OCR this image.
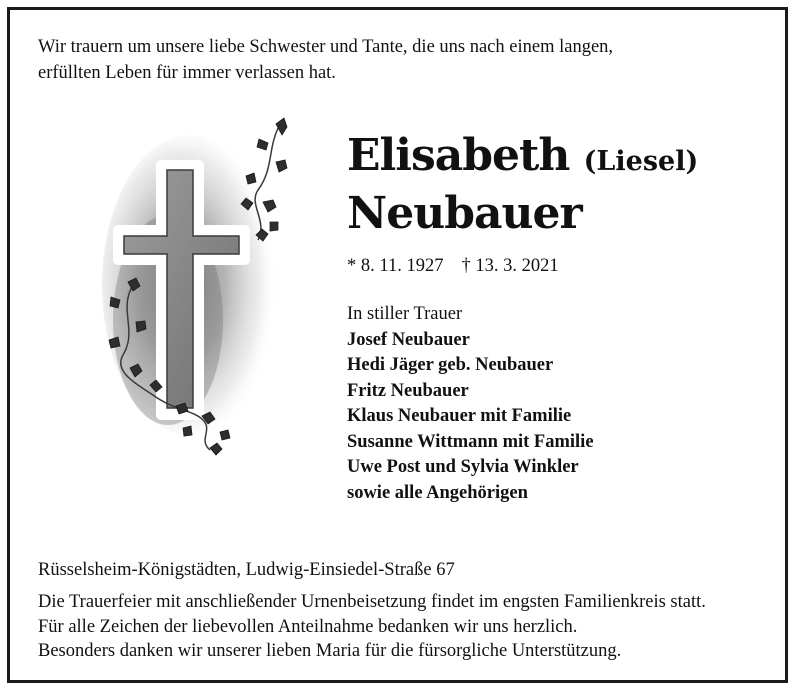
Wir trauern um unsere liebe Schwester und Tante, die uns nach einem langen,
erfüllten Leben für immer verlassen hat.

Elisabeth (Liesel)
Neubauer
* 8. 11. 1927 † 13. 3. 2021
In stiller Trauer
Josef Neubauer
Hedi Jäger geb. Neubauer
Fritz Neubauer
Klaus Neubauer mit Familie
Susanne Wittmann mit Familie
Uwe Post und Sylvia Winkler
sowie alle Angehörigen
Rüsselsheim-Königstädten, Ludwig-Einsiedel-Straße 67
Die Trauerfeier mit anschließender Urnenbeisetzung findet im engsten Familienkreis statt.
Für alle Zeichen der liebevollen Anteilnahme bedanken wir uns herzlich.
Besonders danken wir unserer lieben Maria für die fürsorgliche Unterstützung.
